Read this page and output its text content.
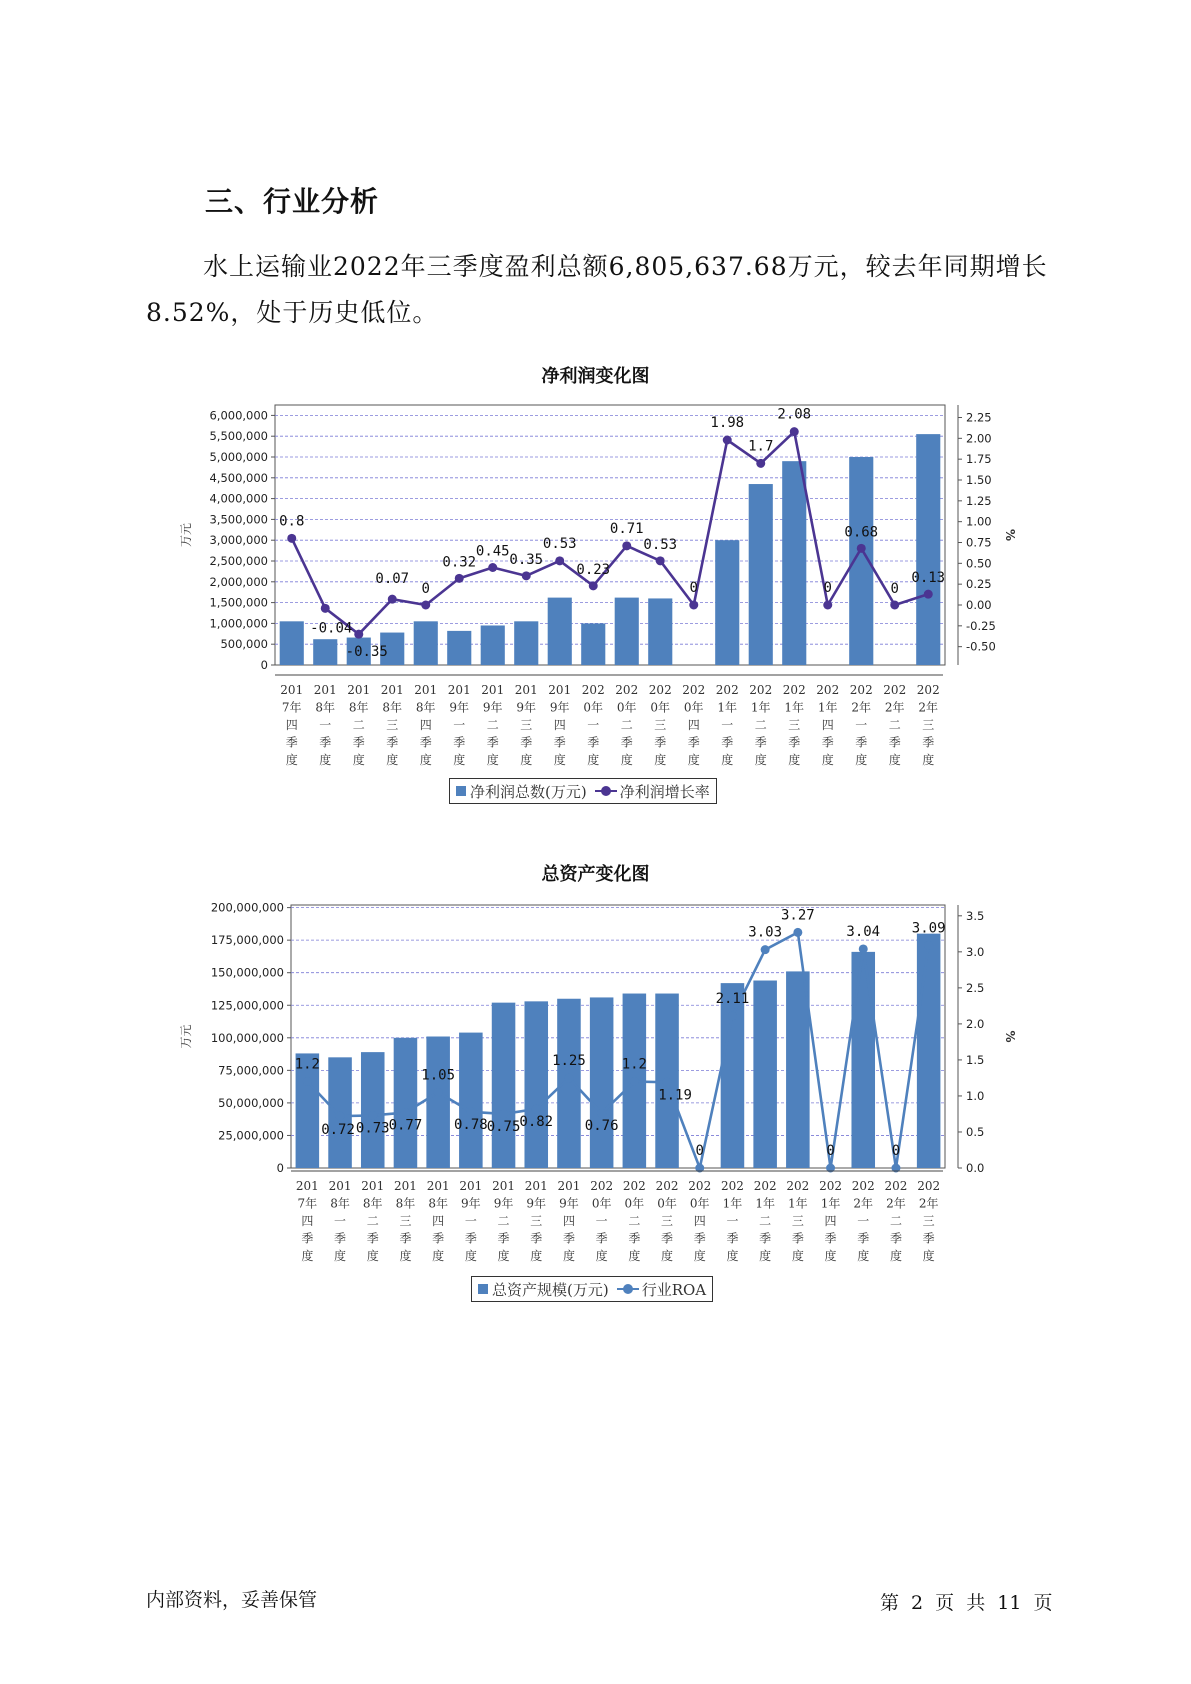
三、行业分析
水上运输业2022年三季度盈利总额6,805,637.68万元，较去年同期增长8.52%，处于历史低位。
净利润变化图
0
500,000
1,000,000
1,500,000
2,000,000
2,500,000
3,000,000
3,500,000
4,000,000
4,500,000
5,000,000
5,500,000
6,000,000
-0.50
-0.25
0.00
0.25
0.50
0.75
1.00
1.25
1.50
1.75
2.00
2.25
万元	%
0.8
-0.04
-0.35
0.07
0
0.32
0.45
0.35
0.53
0.23
0.71
0.53
0
1.98
1.7
2.08
0
0.68
0
0.13
201
7年
四
季
度
201
8年
一
季
度
201
8年
二
季
度
201
8年
三
季
度
201
8年
四
季
度
201
9年
一
季
度
201
9年
二
季
度
201
9年
三
季
度
201
9年
四
季
度
202
0年
一
季
度
202
0年
二
季
度
202
0年
三
季
度
202
0年
四
季
度
202
1年
一
季
度
202
1年
二
季
度
202
1年
三
季
度
202
1年
四
季
度
202
2年
一
季
度
202
2年
二
季
度
202
2年
三
季
度
净利润总数(万元) 净利润增长率
总资产变化图
0
25,000,000
50,000,000
75,000,000
100,000,000
125,000,000
150,000,000
175,000,000
200,000,000
0.0
0.5
1.0
1.5
2.0
2.5
3.0
3.5
万元	%
1.2
0.72 0.73
0.77
1.05
0.78
0.75
0.82
1.25
0.76
1.2
1.19
0
2.11
3.03
3.27
0
3.04
0
3.09
201
7年
四
季
度
201
8年
一
季
度
201
8年
二
季
度
201
8年
三
季
度
201
8年
四
季
度
201
9年
一
季
度
201
9年
二
季
度
201
9年
三
季
度
201
9年
四
季
度
202
0年
一
季
度
202
0年
二
季
度
202
0年
三
季
度
202
0年
四
季
度
202
1年
一
季
度
202
1年
二
季
度
202
1年
三
季
度
202
1年
四
季
度
202
2年
一
季
度
202
2年
二
季
度
202
2年
三
季
度
总资产规模(万元) 行业ROA
内部资料，妥善保管	第 2 页 共 11 页
